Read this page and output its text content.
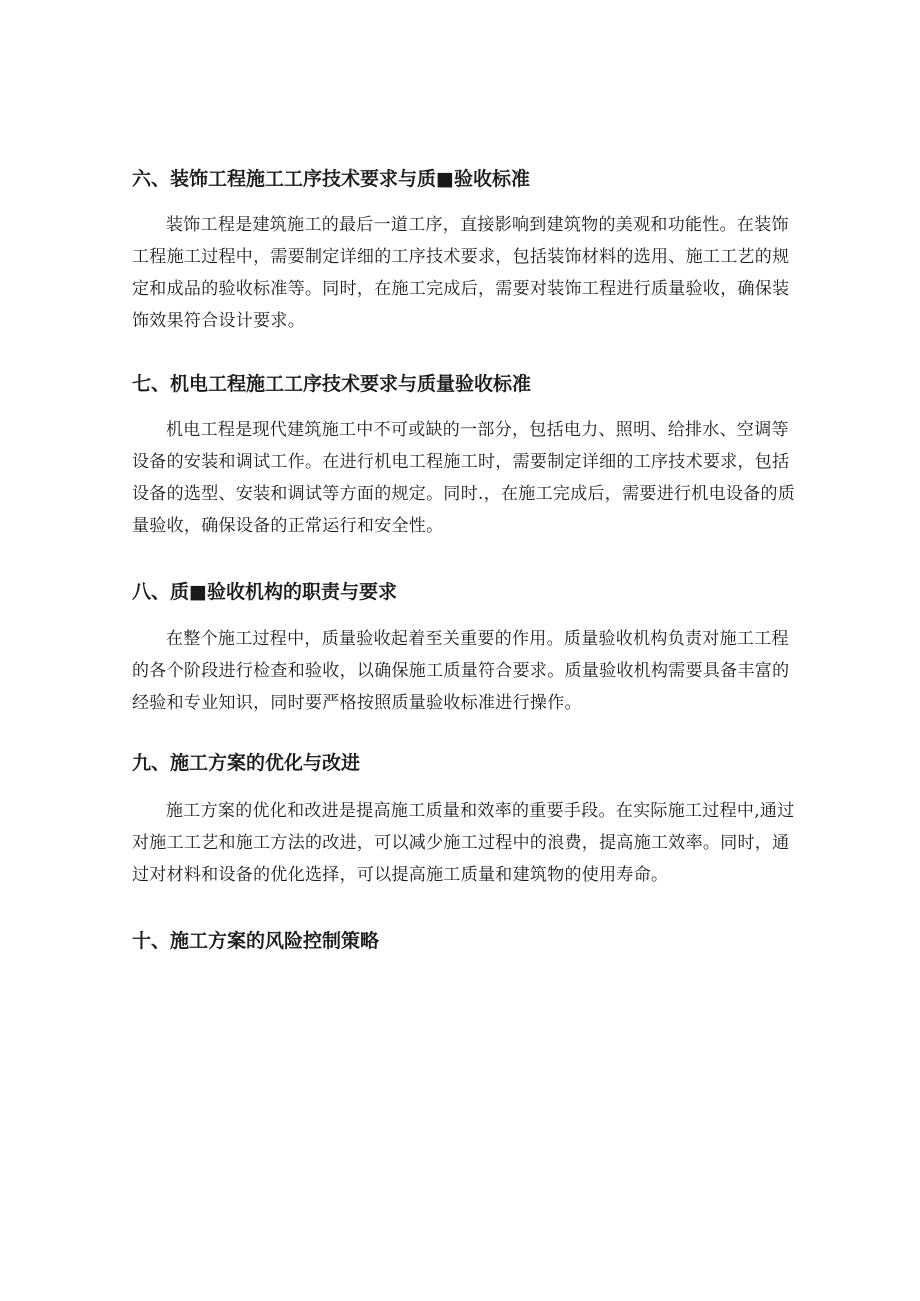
六、装饰工程施工工序技术要求与质■验收标准
装饰工程是建筑施工的最后一道工序，直接影响到建筑物的美观和功能性。在装饰
工程施工过程中，需要制定详细的工序技术要求，包括装饰材料的选用、施工工艺的规
定和成品的验收标准等。同时，在施工完成后，需要对装饰工程进行质量验收，确保装
饰效果符合设计要求。
七、机电工程施工工序技术要求与质量验收标准
机电工程是现代建筑施工中不可或缺的一部分，包括电力、照明、给排水、空调等
设备的安装和调试工作。在进行机电工程施工时，需要制定详细的工序技术要求，包括
设备的选型、安装和调试等方面的规定。同时.，在施工完成后，需要进行机电设备的质
量验收，确保设备的正常运行和安全性。
八、质■验收机构的职责与要求
在整个施工过程中，质量验收起着至关重要的作用。质量验收机构负责对施工工程
的各个阶段进行检查和验收，以确保施工质量符合要求。质量验收机构需要具备丰富的
经验和专业知识，同时要严格按照质量验收标准进行操作。
九、施工方案的优化与改进
施工方案的优化和改进是提高施工质量和效率的重要手段。在实际施工过程中,通过
对施工工艺和施工方法的改进，可以减少施工过程中的浪费，提高施工效率。同时，通
过对材料和设备的优化选择，可以提高施工质量和建筑物的使用寿命。
十、施工方案的风险控制策略
